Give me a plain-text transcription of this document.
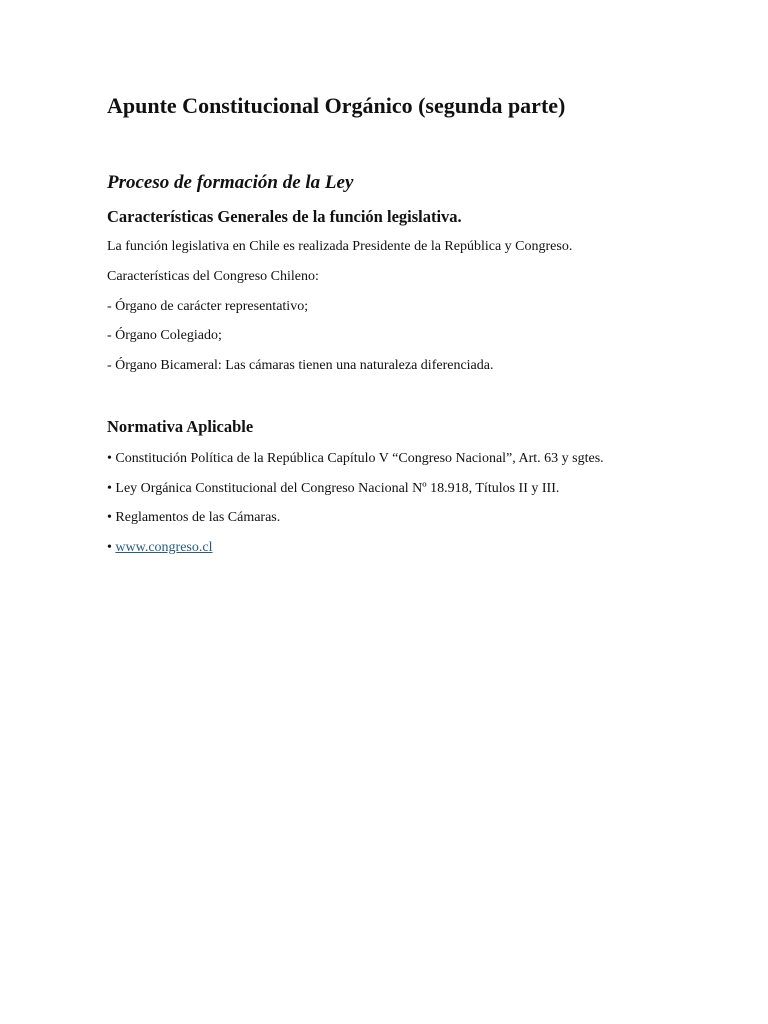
Apunte Constitucional Orgánico (segunda parte)
Proceso de formación de la Ley
Características Generales de la función legislativa.

La función legislativa en Chile es realizada Presidente de la República y Congreso.

Características del Congreso Chileno:

- Órgano de carácter representativo;

- Órgano Colegiado;

- Órgano Bicameral: Las cámaras tienen una naturaleza diferenciada.

Normativa Aplicable

• Constitución Política de la República Capítulo V “Congreso Nacional”, Art. 63 y sgtes.

• Ley Orgánica Constitucional del Congreso Nacional Nº 18.918, Títulos II y III.

• Reglamentos de las Cámaras.

• www.congreso.cl
